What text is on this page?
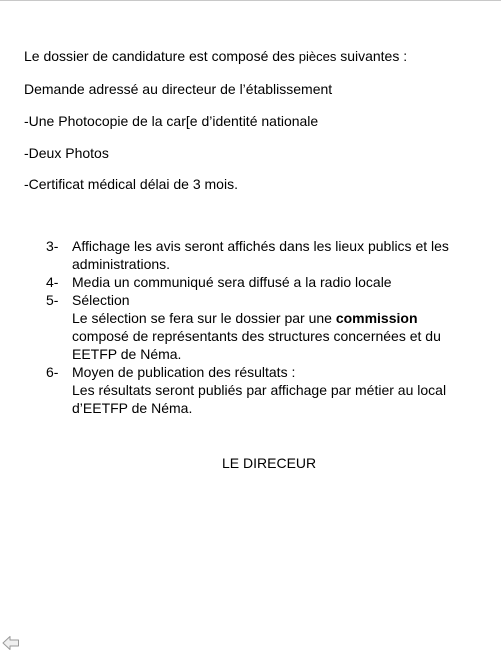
Le dossier de candidature est composé des pièces suivantes :

Demande adressé au directeur de l’établissement

-Une Photocopie de la car[e d’identité nationale

-Deux Photos

-Certificat médical délai de 3 mois.

3- Affichage les avis seront affichés dans les lieux publics et les administrations.
4- Media un communiqué sera diffusé a la radio locale
5- Sélection
Le sélection se fera sur le dossier par une commission composé de représentants des structures concernées et du EETFP de Néma.
6- Moyen de publication des résultats :
Les résultats seront publiés par affichage par métier au local d’EETFP de Néma.
LE DIRECEUR
